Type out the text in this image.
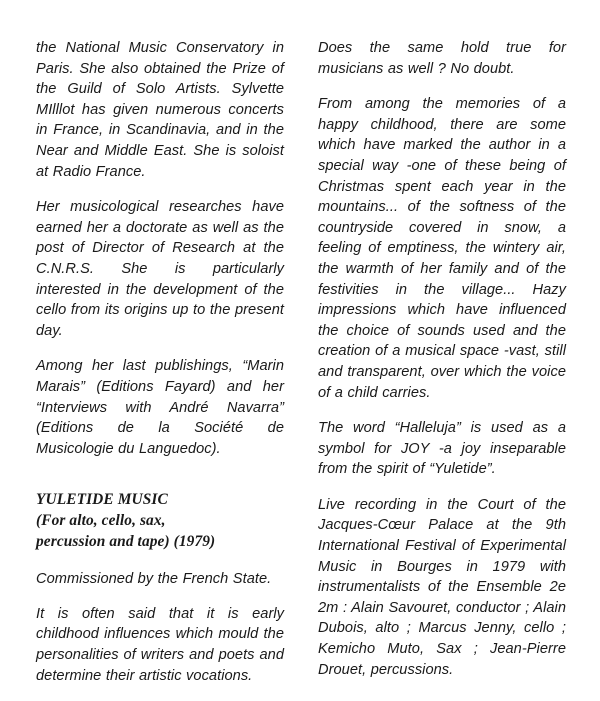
the National Music Conservatory in Paris. She also obtained the Prize of the Guild of Solo Artists. Sylvette MIlllot has given numerous concerts in France, in Scandinavia, and in the Near and Middle East. She is soloist at Radio France.

Her musicological researches have earned her a doctorate as well as the post of Director of Research at the C.N.R.S. She is particularly interested in the development of the cello from its origins up to the present day.

Among her last publishings, “Marin Marais” (Editions Fayard) and her “Interviews with André Navarra” (Editions de la Société de Musicologie du Languedoc).

YULETIDE MUSIC
(For alto, cello, sax,
percussion and tape) (1979)

Commissioned by the French State.

It is often said that it is early childhood influences which mould the personalities of writers and poets and determine their artistic vocations.

Does the same hold true for musicians as well ? No doubt.

From among the memories of a happy childhood, there are some which have marked the author in a special way -one of these being of Christmas spent each year in the mountains... of the softness of the countryside covered in snow, a feeling of emptiness, the wintery air, the warmth of her family and of the festivities in the village... Hazy impressions which have influenced the choice of sounds used and the creation of a musical space -vast, still and transparent, over which the voice of a child carries.

The word “Halleluja” is used as a symbol for JOY -a joy inseparable from the spirit of “Yuletide”.

Live recording in the Court of the Jacques-Cœur Palace at the 9th International Festival of Experimental Music in Bourges in 1979 with instrumentalists of the Ensemble 2e 2m : Alain Savouret, conductor ; Alain Dubois, alto ; Marcus Jenny, cello ; Kemicho Muto, Sax ; Jean-Pierre Drouet, percussions.
